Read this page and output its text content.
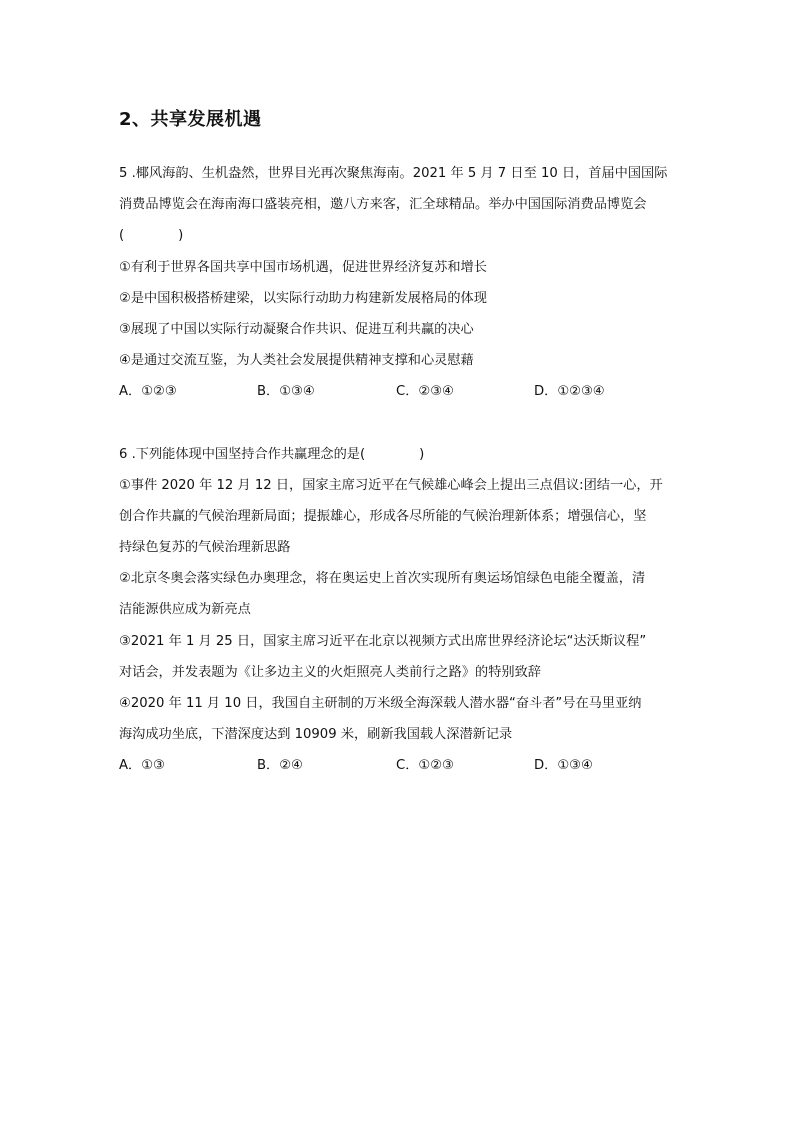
2、共享发展机遇
5 .椰风海韵、生机盎然，世界目光再次聚焦海南。2021 年 5 月 7 日至 10 日，首届中国国际
消费品博览会在海南海口盛装亮相，邀八方来客，汇全球精品。举办中国国际消费品博览会
(	)
①有利于世界各国共享中国市场机遇，促进世界经济复苏和增长
②是中国积极搭桥建梁，以实际行动助力构建新发展格局的体现
③展现了中国以实际行动凝聚合作共识、促进互利共赢的决心
④是通过交流互鉴，为人类社会发展提供精神支撑和心灵慰藉
A．①②③	B．①③④	C．②③④	D．①②③④
6 .下列能体现中国坚持合作共赢理念的是(	)
①事件 2020 年 12 月 12 日，国家主席习近平在气候雄心峰会上提出三点倡议:团结一心，开
创合作共赢的气候治理新局面；提振雄心，形成各尽所能的气候治理新体系；增强信心，坚
持绿色复苏的气候治理新思路
②北京冬奥会落实绿色办奥理念，将在奥运史上首次实现所有奥运场馆绿色电能全覆盖，清
洁能源供应成为新亮点
③2021 年 1 月 25 日，国家主席习近平在北京以视频方式出席世界经济论坛“达沃斯议程”
对话会，并发表题为《让多边主义的火炬照亮人类前行之路》的特别致辞
④2020 年 11 月 10 日，我国自主研制的万米级全海深载人潜水器“奋斗者”号在马里亚纳
海沟成功坐底，下潜深度达到 10909 米，刷新我国载人深潜新记录
A．①③	B．②④	C．①②③	D．①③④
